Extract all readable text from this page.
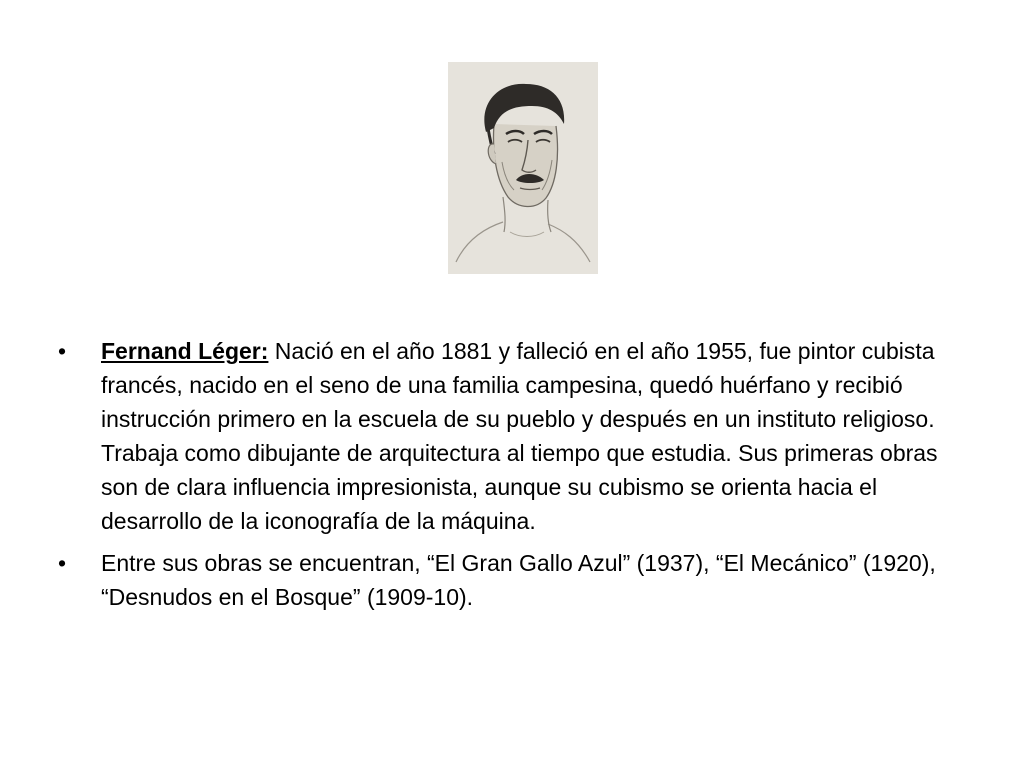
•	Fernand Léger: Nació en el año 1881 y falleció en el año 1955, fue pintor cubista francés, nacido en el seno de una familia campesina, quedó huérfano y recibió instrucción primero en la escuela de su pueblo y después en un instituto religioso. Trabaja como dibujante de arquitectura al tiempo que estudia. Sus primeras obras son de clara influencia impresionista, aunque su cubismo se orienta hacia el desarrollo de la iconografía de la máquina.
•	Entre sus obras se encuentran, “El Gran Gallo Azul” (1937), “El Mecánico” (1920), “Desnudos en el Bosque” (1909-10).
